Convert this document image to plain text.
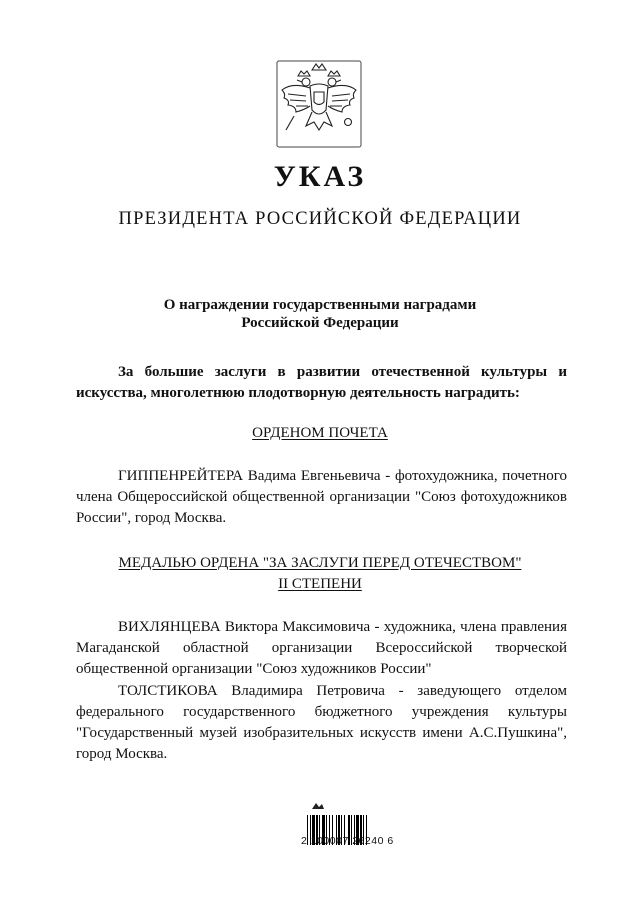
УКАЗ
ПРЕЗИДЕНТА РОССИЙСКОЙ ФЕДЕРАЦИИ
О награждении государственными наградами
Российской Федерации
За большие заслуги в развитии отечественной культуры и искусства, многолетнюю плодотворную деятельность наградить:
ОРДЕНОМ ПОЧЕТА
ГИППЕНРЕЙТЕРА Вадима Евгеньевича - фотохудожника, почетного члена Общероссийской общественной организации "Союз фотохудожников России", город Москва.
МЕДАЛЬЮ ОРДЕНА "ЗА ЗАСЛУГИ ПЕРЕД ОТЕЧЕСТВОМ"
II СТЕПЕНИ
ВИХЛЯНЦЕВА Виктора Максимовича - художника, члена правления Магаданской областной организации Всероссийской творческой общественной организации "Союз художников России"
ТОЛСТИКОВА Владимира Петровича - заведующего отделом федерального государственного бюджетного учреждения культуры "Государственный музей изобразительных искусств имени А.С.Пушкина", город Москва.
2 100007 26240 6
